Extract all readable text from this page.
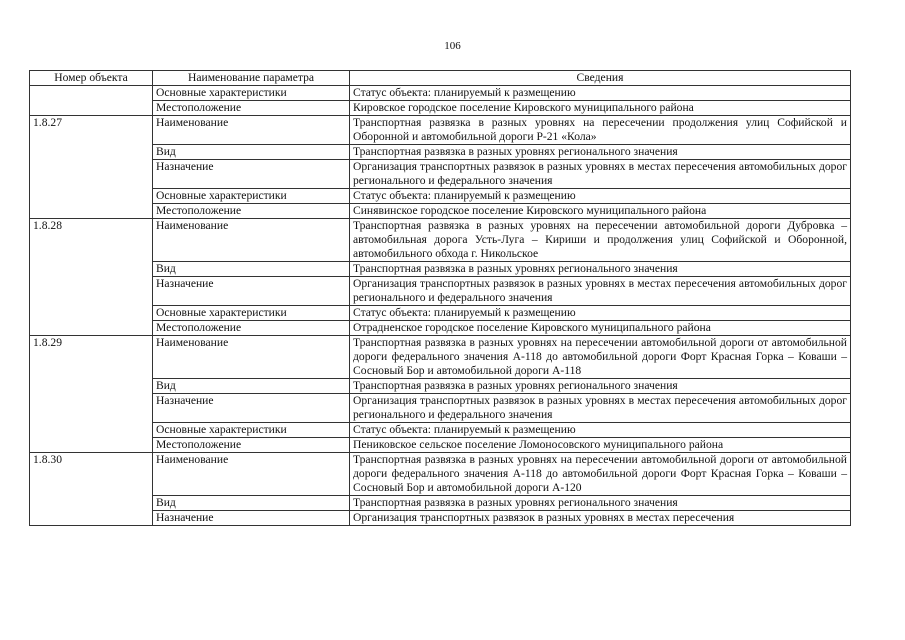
106
Номер объекта	Наименование параметра	Сведения
	Основные характеристики	Статус объекта: планируемый к размещению
	Местоположение	Кировское городское поселение Кировского муниципального района
1.8.27	Наименование	Транспортная развязка в разных уровнях на пересечении продолжения улиц Софийской и Оборонной и автомобильной дороги Р-21 «Кола»
	Вид	Транспортная развязка в разных уровнях регионального значения
	Назначение	Организация транспортных развязок в разных уровнях в местах пересечения автомобильных дорог регионального и федерального значения
	Основные характеристики	Статус объекта: планируемый к размещению
	Местоположение	Синявинское городское поселение Кировского муниципального района
1.8.28	Наименование	Транспортная развязка в разных уровнях на пересечении автомобильной дороги Дубровка – автомобильная дорога Усть-Луга – Кириши и продолжения улиц Софийской и Оборонной, автомобильного обхода г. Никольское
	Вид	Транспортная развязка в разных уровнях регионального значения
	Назначение	Организация транспортных развязок в разных уровнях в местах пересечения автомобильных дорог регионального и федерального значения
	Основные характеристики	Статус объекта: планируемый к размещению
	Местоположение	Отрадненское городское поселение Кировского муниципального района
1.8.29	Наименование	Транспортная развязка в разных уровнях на пересечении автомобильной дороги от автомобильной дороги федерального значения А-118 до автомобильной дороги Форт Красная Горка – Коваши – Сосновый Бор и автомобильной дороги А-118
	Вид	Транспортная развязка в разных уровнях регионального значения
	Назначение	Организация транспортных развязок в разных уровнях в местах пересечения автомобильных дорог регионального и федерального значения
	Основные характеристики	Статус объекта: планируемый к размещению
	Местоположение	Пениковское сельское поселение Ломоносовского муниципального района
1.8.30	Наименование	Транспортная развязка в разных уровнях на пересечении автомобильной дороги от автомобильной дороги федерального значения А-118 до автомобильной дороги Форт Красная Горка – Коваши – Сосновый Бор и автомобильной дороги А-120
	Вид	Транспортная развязка в разных уровнях регионального значения
	Назначение	Организация транспортных развязок в разных уровнях в местах пересечения
